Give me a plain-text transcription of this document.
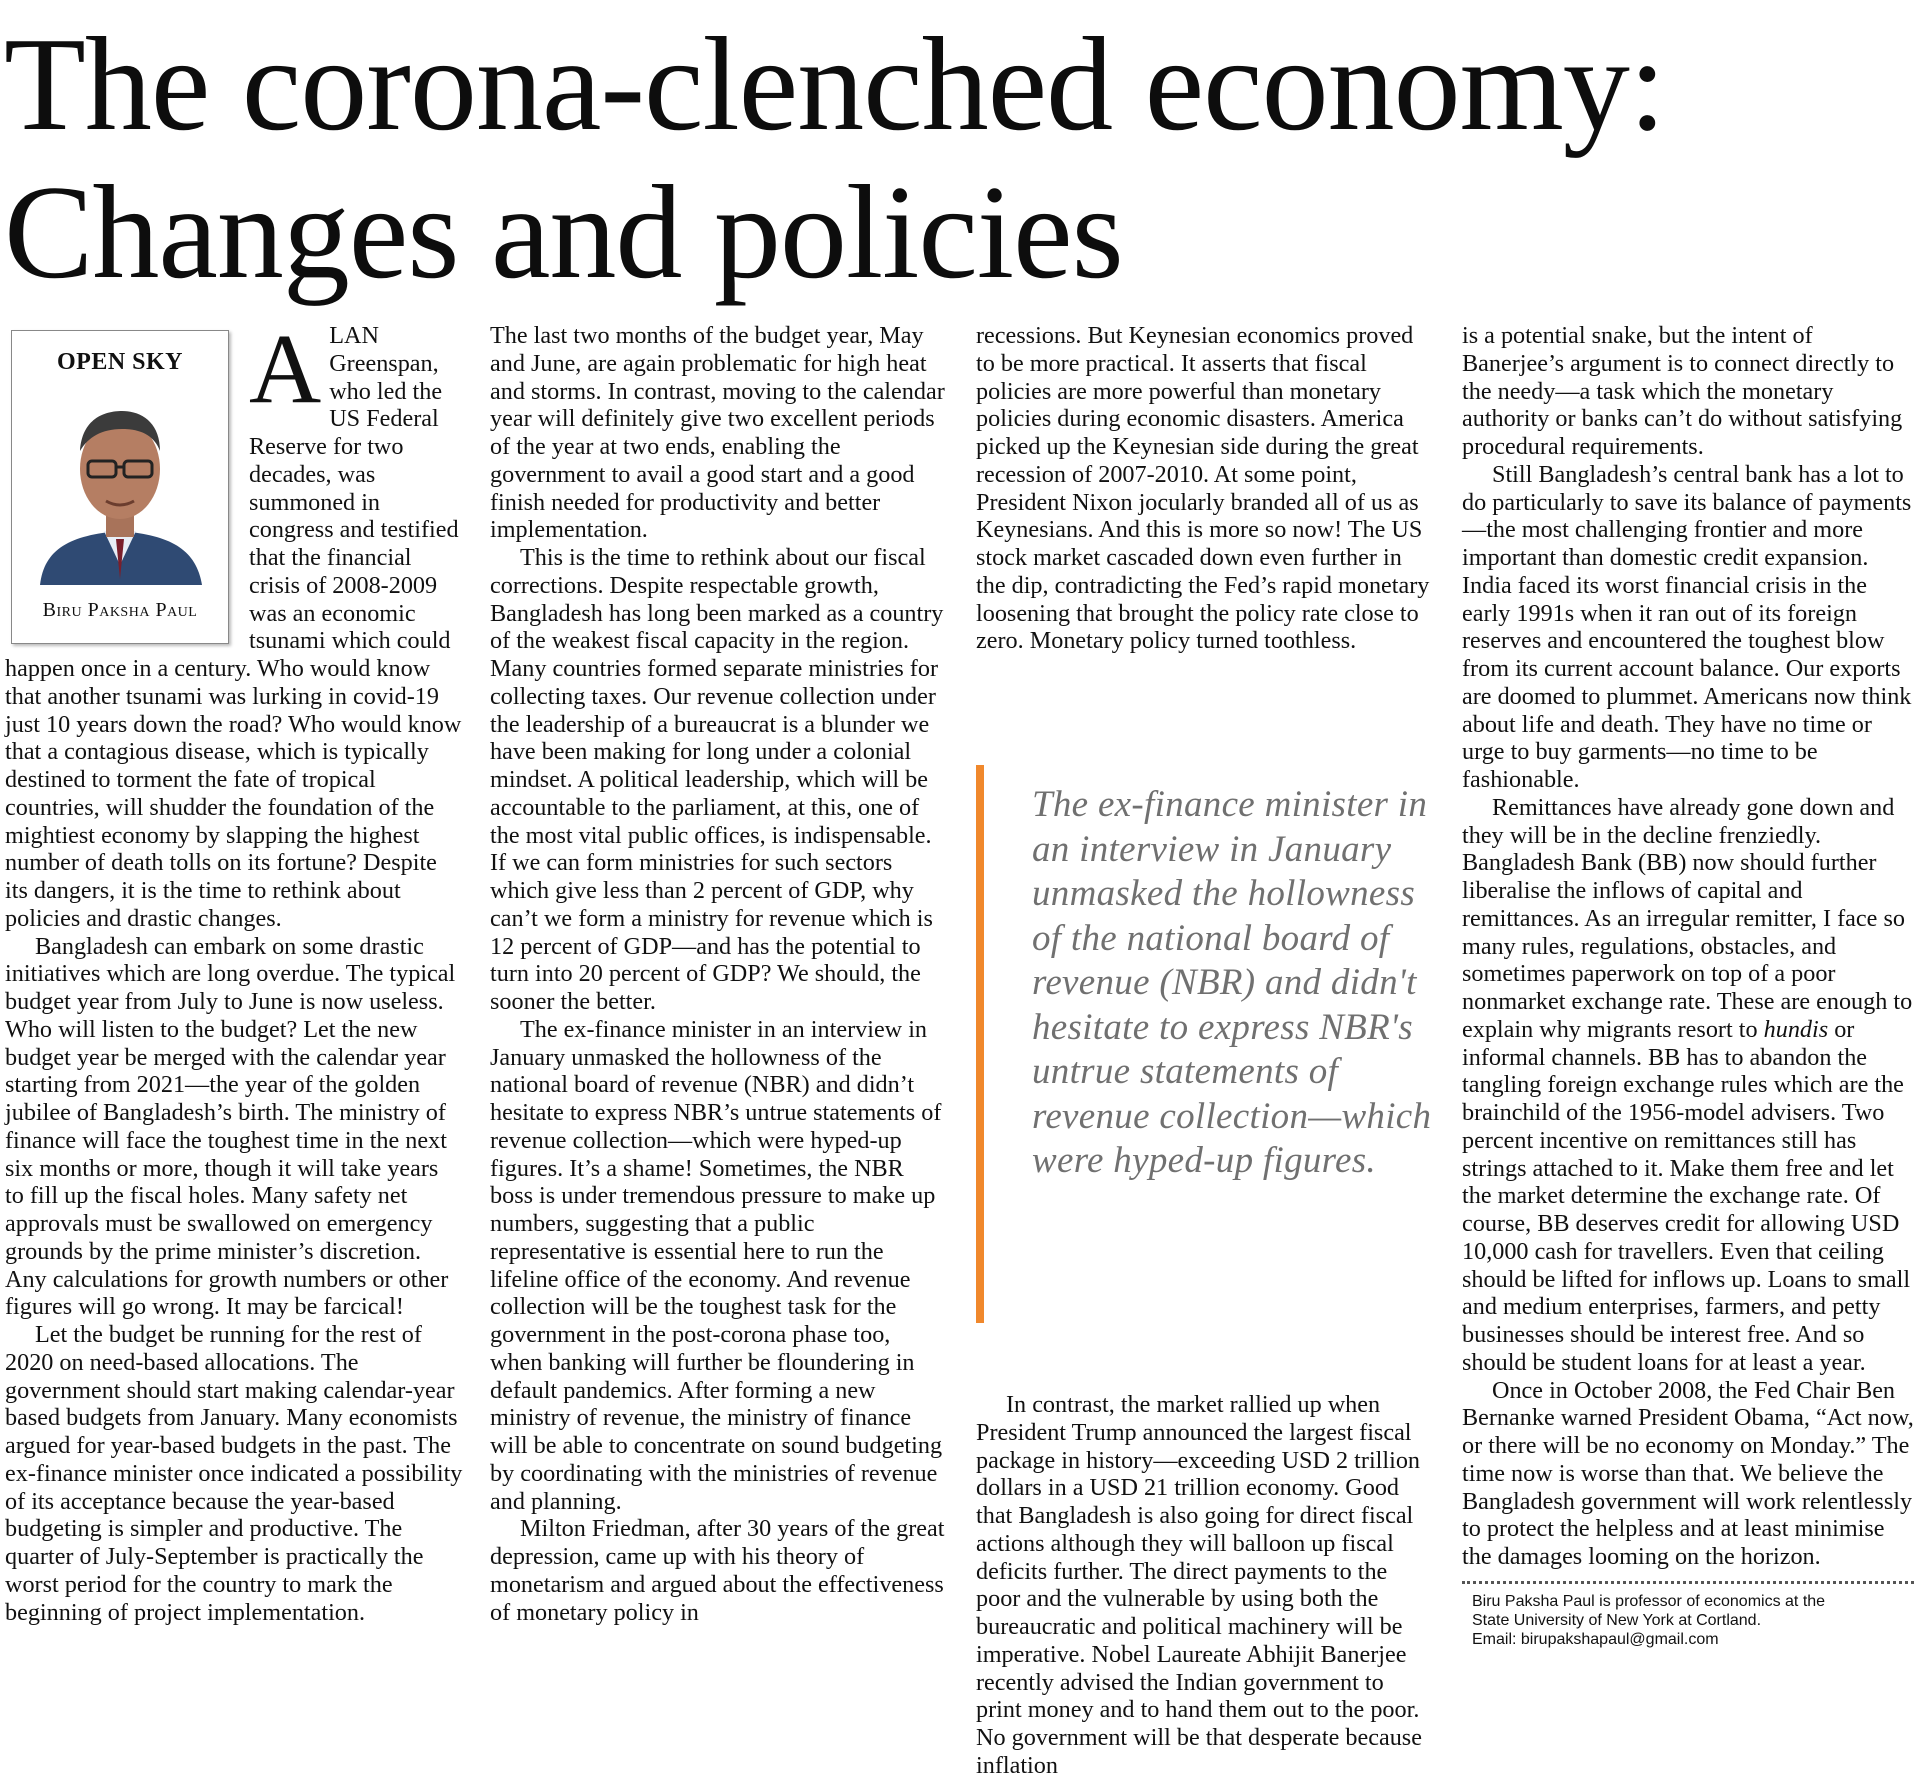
The corona-clenched economy:
Changes and policies
OPEN SKY
Biru Paksha Paul
A LAN Greenspan, who led the US Federal Reserve for two decades, was summoned in congress and testified that the financial crisis of 2008-2009 was an economic tsunami which could happen once in a century. Who would know that another tsunami was lurking in covid-19 just 10 years down the road? Who would know that a contagious disease, which is typically destined to torment the fate of tropical countries, will shudder the foundation of the mightiest economy by slapping the highest number of death tolls on its fortune? Despite its dangers, it is the time to rethink about policies and drastic changes.

Bangladesh can embark on some drastic initiatives which are long overdue. The typical budget year from July to June is now useless. Who will listen to the budget? Let the new budget year be merged with the calendar year starting from 2021—the year of the golden jubilee of Bangladesh’s birth. The ministry of finance will face the toughest time in the next six months or more, though it will take years to fill up the fiscal holes. Many safety net approvals must be swallowed on emergency grounds by the prime minister’s discretion. Any calculations for growth numbers or other figures will go wrong. It may be farcical!

Let the budget be running for the rest of 2020 on need-based allocations. The government should start making calendar-year based budgets from January. Many economists argued for year-based budgets in the past. The ex-finance minister once indicated a possibility of its acceptance because the year-based budgeting is simpler and productive. The quarter of July-September is practically the worst period for the country to mark the beginning of project implementation.

The last two months of the budget year, May and June, are again problematic for high heat and storms. In contrast, moving to the calendar year will definitely give two excellent periods of the year at two ends, enabling the government to avail a good start and a good finish needed for productivity and better implementation.

This is the time to rethink about our fiscal corrections. Despite respectable growth, Bangladesh has long been marked as a country of the weakest fiscal capacity in the region. Many countries formed separate ministries for collecting taxes. Our revenue collection under the leadership of a bureaucrat is a blunder we have been making for long under a colonial mindset. A political leadership, which will be accountable to the parliament, at this, one of the most vital public offices, is indispensable. If we can form ministries for such sectors which give less than 2 percent of GDP, why can’t we form a ministry for revenue which is 12 percent of GDP—and has the potential to turn into 20 percent of GDP? We should, the sooner the better.

The ex-finance minister in an interview in January unmasked the hollowness of the national board of revenue (NBR) and didn’t hesitate to express NBR’s untrue statements of revenue collection—which were hyped-up figures. It’s a shame! Sometimes, the NBR boss is under tremendous pressure to make up numbers, suggesting that a public representative is essential here to run the lifeline office of the economy. And revenue collection will be the toughest task for the government in the post-corona phase too, when banking will further be floundering in default pandemics. After forming a new ministry of revenue, the ministry of finance will be able to concentrate on sound budgeting by coordinating with the ministries of revenue and planning.

Milton Friedman, after 30 years of the great depression, came up with his theory of monetarism and argued about the effectiveness of monetary policy in

recessions. But Keynesian economics proved to be more practical. It asserts that fiscal policies are more powerful than monetary policies during economic disasters. America picked up the Keynesian side during the great recession of 2007-2010. At some point, President Nixon jocularly branded all of us as Keynesians. And this is more so now! The US stock market cascaded down even further in the dip, contradicting the Fed’s rapid monetary loosening that brought the policy rate close to zero. Monetary policy turned toothless.

The ex-finance minister in an interview in January unmasked the hollowness of the national board of revenue (NBR) and didn't hesitate to express NBR's untrue statements of revenue collection—which were hyped-up figures.

In contrast, the market rallied up when President Trump announced the largest fiscal package in history—exceeding USD 2 trillion dollars in a USD 21 trillion economy. Good that Bangladesh is also going for direct fiscal actions although they will balloon up fiscal deficits further. The direct payments to the poor and the vulnerable by using both the bureaucratic and political machinery will be imperative. Nobel Laureate Abhijit Banerjee recently advised the Indian government to print money and to hand them out to the poor. No government will be that desperate because inflation

is a potential snake, but the intent of Banerjee’s argument is to connect directly to the needy—a task which the monetary authority or banks can’t do without satisfying procedural requirements.

Still Bangladesh’s central bank has a lot to do particularly to save its balance of payments—the most challenging frontier and more important than domestic credit expansion. India faced its worst financial crisis in the early 1991s when it ran out of its foreign reserves and encountered the toughest blow from its current account balance. Our exports are doomed to plummet. Americans now think about life and death. They have no time or urge to buy garments—no time to be fashionable.

Remittances have already gone down and they will be in the decline frenziedly. Bangladesh Bank (BB) now should further liberalise the inflows of capital and remittances. As an irregular remitter, I face so many rules, regulations, obstacles, and sometimes paperwork on top of a poor nonmarket exchange rate. These are enough to explain why migrants resort to hundis or informal channels. BB has to abandon the tangling foreign exchange rules which are the brainchild of the 1956-model advisers. Two percent incentive on remittances still has strings attached to it. Make them free and let the market determine the exchange rate. Of course, BB deserves credit for allowing USD 10,000 cash for travellers. Even that ceiling should be lifted for inflows up. Loans to small and medium enterprises, farmers, and petty businesses should be interest free. And so should be student loans for at least a year.

Once in October 2008, the Fed Chair Ben Bernanke warned President Obama, “Act now, or there will be no economy on Monday.” The time now is worse than that. We believe the Bangladesh government will work relentlessly to protect the helpless and at least minimise the damages looming on the horizon.

Biru Paksha Paul is professor of economics at the
State University of New York at Cortland.
Email: birupakshapaul@gmail.com
